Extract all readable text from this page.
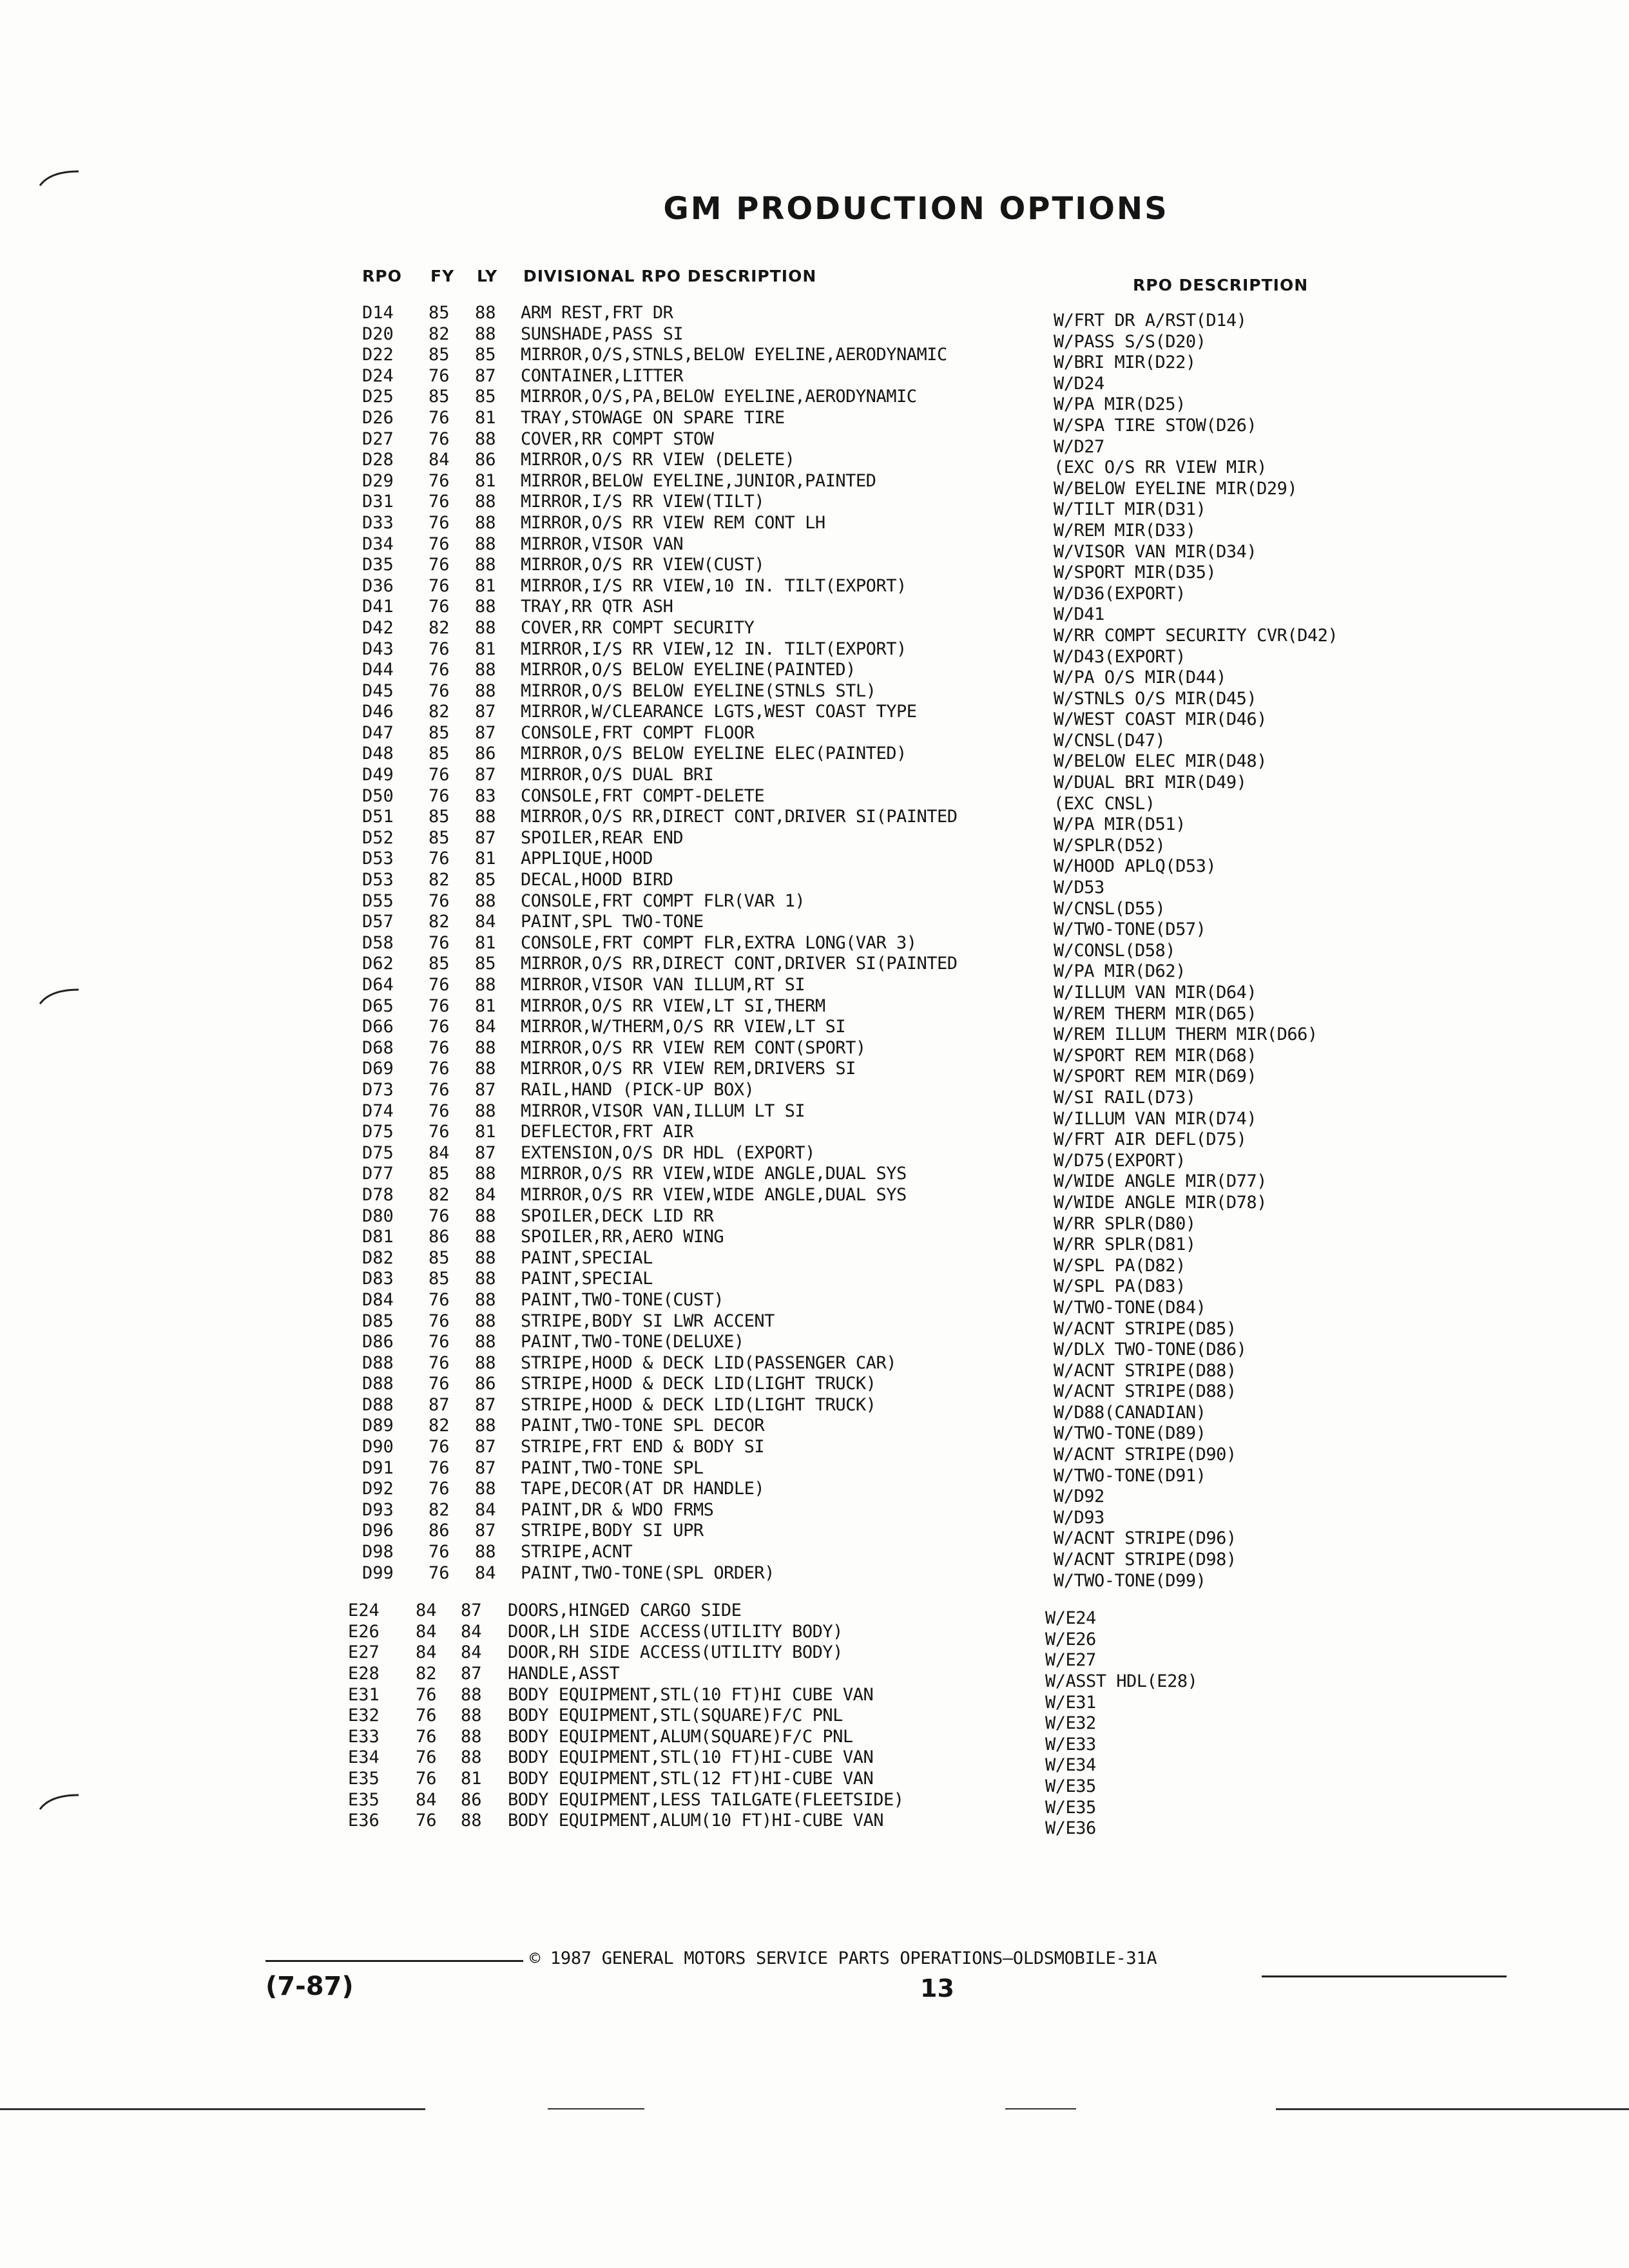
GM PRODUCTION OPTIONS
RPO FY LY DIVISIONAL RPO DESCRIPTION	RPO DESCRIPTION
D14 85 88 ARM REST,FRT DR	W/FRT DR A/RST(D14)
D20 82 88 SUNSHADE,PASS SI	W/PASS S/S(D20)
D22 85 85 MIRROR,O/S,STNLS,BELOW EYELINE,AERODYNAMIC	W/BRI MIR(D22)
D24 76 87 CONTAINER,LITTER	W/D24
D25 85 85 MIRROR,O/S,PA,BELOW EYELINE,AERODYNAMIC	W/PA MIR(D25)
D26 76 81 TRAY,STOWAGE ON SPARE TIRE	W/SPA TIRE STOW(D26)
D27 76 88 COVER,RR COMPT STOW	W/D27
D28 84 86 MIRROR,O/S RR VIEW (DELETE)	(EXC O/S RR VIEW MIR)
D29 76 81 MIRROR,BELOW EYELINE,JUNIOR,PAINTED	W/BELOW EYELINE MIR(D29)
D31 76 88 MIRROR,I/S RR VIEW(TILT)	W/TILT MIR(D31)
D33 76 88 MIRROR,O/S RR VIEW REM CONT LH	W/REM MIR(D33)
D34 76 88 MIRROR,VISOR VAN	W/VISOR VAN MIR(D34)
D35 76 88 MIRROR,O/S RR VIEW(CUST)	W/SPORT MIR(D35)
D36 76 81 MIRROR,I/S RR VIEW,10 IN. TILT(EXPORT)	W/D36(EXPORT)
D41 76 88 TRAY,RR QTR ASH	W/D41
D42 82 88 COVER,RR COMPT SECURITY	W/RR COMPT SECURITY CVR(D42)
D43 76 81 MIRROR,I/S RR VIEW,12 IN. TILT(EXPORT)	W/D43(EXPORT)
D44 76 88 MIRROR,O/S BELOW EYELINE(PAINTED)	W/PA O/S MIR(D44)
D45 76 88 MIRROR,O/S BELOW EYELINE(STNLS STL)	W/STNLS O/S MIR(D45)
D46 82 87 MIRROR,W/CLEARANCE LGTS,WEST COAST TYPE	W/WEST COAST MIR(D46)
D47 85 87 CONSOLE,FRT COMPT FLOOR	W/CNSL(D47)
D48 85 86 MIRROR,O/S BELOW EYELINE ELEC(PAINTED)	W/BELOW ELEC MIR(D48)
D49 76 87 MIRROR,O/S DUAL BRI	W/DUAL BRI MIR(D49)
D50 76 83 CONSOLE,FRT COMPT-DELETE	(EXC CNSL)
D51 85 88 MIRROR,O/S RR,DIRECT CONT,DRIVER SI(PAINTED	W/PA MIR(D51)
D52 85 87 SPOILER,REAR END	W/SPLR(D52)
D53 76 81 APPLIQUE,HOOD	W/HOOD APLQ(D53)
D53 82 85 DECAL,HOOD BIRD	W/D53
D55 76 88 CONSOLE,FRT COMPT FLR(VAR 1)	W/CNSL(D55)
D57 82 84 PAINT,SPL TWO-TONE	W/TWO-TONE(D57)
D58 76 81 CONSOLE,FRT COMPT FLR,EXTRA LONG(VAR 3)	W/CONSL(D58)
D62 85 85 MIRROR,O/S RR,DIRECT CONT,DRIVER SI(PAINTED	W/PA MIR(D62)
D64 76 88 MIRROR,VISOR VAN ILLUM,RT SI	W/ILLUM VAN MIR(D64)
D65 76 81 MIRROR,O/S RR VIEW,LT SI,THERM	W/REM THERM MIR(D65)
D66 76 84 MIRROR,W/THERM,O/S RR VIEW,LT SI	W/REM ILLUM THERM MIR(D66)
D68 76 88 MIRROR,O/S RR VIEW REM CONT(SPORT)	W/SPORT REM MIR(D68)
D69 76 88 MIRROR,O/S RR VIEW REM,DRIVERS SI	W/SPORT REM MIR(D69)
D73 76 87 RAIL,HAND (PICK-UP BOX)	W/SI RAIL(D73)
D74 76 88 MIRROR,VISOR VAN,ILLUM LT SI	W/ILLUM VAN MIR(D74)
D75 76 81 DEFLECTOR,FRT AIR	W/FRT AIR DEFL(D75)
D75 84 87 EXTENSION,O/S DR HDL (EXPORT)	W/D75(EXPORT)
D77 85 88 MIRROR,O/S RR VIEW,WIDE ANGLE,DUAL SYS	W/WIDE ANGLE MIR(D77)
D78 82 84 MIRROR,O/S RR VIEW,WIDE ANGLE,DUAL SYS	W/WIDE ANGLE MIR(D78)
D80 76 88 SPOILER,DECK LID RR	W/RR SPLR(D80)
D81 86 88 SPOILER,RR,AERO WING	W/RR SPLR(D81)
D82 85 88 PAINT,SPECIAL	W/SPL PA(D82)
D83 85 88 PAINT,SPECIAL	W/SPL PA(D83)
D84 76 88 PAINT,TWO-TONE(CUST)	W/TWO-TONE(D84)
D85 76 88 STRIPE,BODY SI LWR ACCENT	W/ACNT STRIPE(D85)
D86 76 88 PAINT,TWO-TONE(DELUXE)	W/DLX TWO-TONE(D86)
D88 76 88 STRIPE,HOOD & DECK LID(PASSENGER CAR)	W/ACNT STRIPE(D88)
D88 76 86 STRIPE,HOOD & DECK LID(LIGHT TRUCK)	W/ACNT STRIPE(D88)
D88 87 87 STRIPE,HOOD & DECK LID(LIGHT TRUCK)	W/D88(CANADIAN)
D89 82 88 PAINT,TWO-TONE SPL DECOR	W/TWO-TONE(D89)
D90 76 87 STRIPE,FRT END & BODY SI	W/ACNT STRIPE(D90)
D91 76 87 PAINT,TWO-TONE SPL	W/TWO-TONE(D91)
D92 76 88 TAPE,DECOR(AT DR HANDLE)	W/D92
D93 82 84 PAINT,DR & WDO FRMS	W/D93
D96 86 87 STRIPE,BODY SI UPR	W/ACNT STRIPE(D96)
D98 76 88 STRIPE,ACNT	W/ACNT STRIPE(D98)
D99 76 84 PAINT,TWO-TONE(SPL ORDER)	W/TWO-TONE(D99)
E24 84 87 DOORS,HINGED CARGO SIDE	W/E24
E26 84 84 DOOR,LH SIDE ACCESS(UTILITY BODY)	W/E26
E27 84 84 DOOR,RH SIDE ACCESS(UTILITY BODY)	W/E27
E28 82 87 HANDLE,ASST	W/ASST HDL(E28)
E31 76 88 BODY EQUIPMENT,STL(10 FT)HI CUBE VAN	W/E31
E32 76 88 BODY EQUIPMENT,STL(SQUARE)F/C PNL	W/E32
E33 76 88 BODY EQUIPMENT,ALUM(SQUARE)F/C PNL	W/E33
E34 76 88 BODY EQUIPMENT,STL(10 FT)HI-CUBE VAN	W/E34
E35 76 81 BODY EQUIPMENT,STL(12 FT)HI-CUBE VAN	W/E35
E35 84 86 BODY EQUIPMENT,LESS TAILGATE(FLEETSIDE)	W/E35
E36 76 88 BODY EQUIPMENT,ALUM(10 FT)HI-CUBE VAN	W/E36
© 1987 GENERAL MOTORS SERVICE PARTS OPERATIONS—OLDSMOBILE-31A
(7-87)	13
